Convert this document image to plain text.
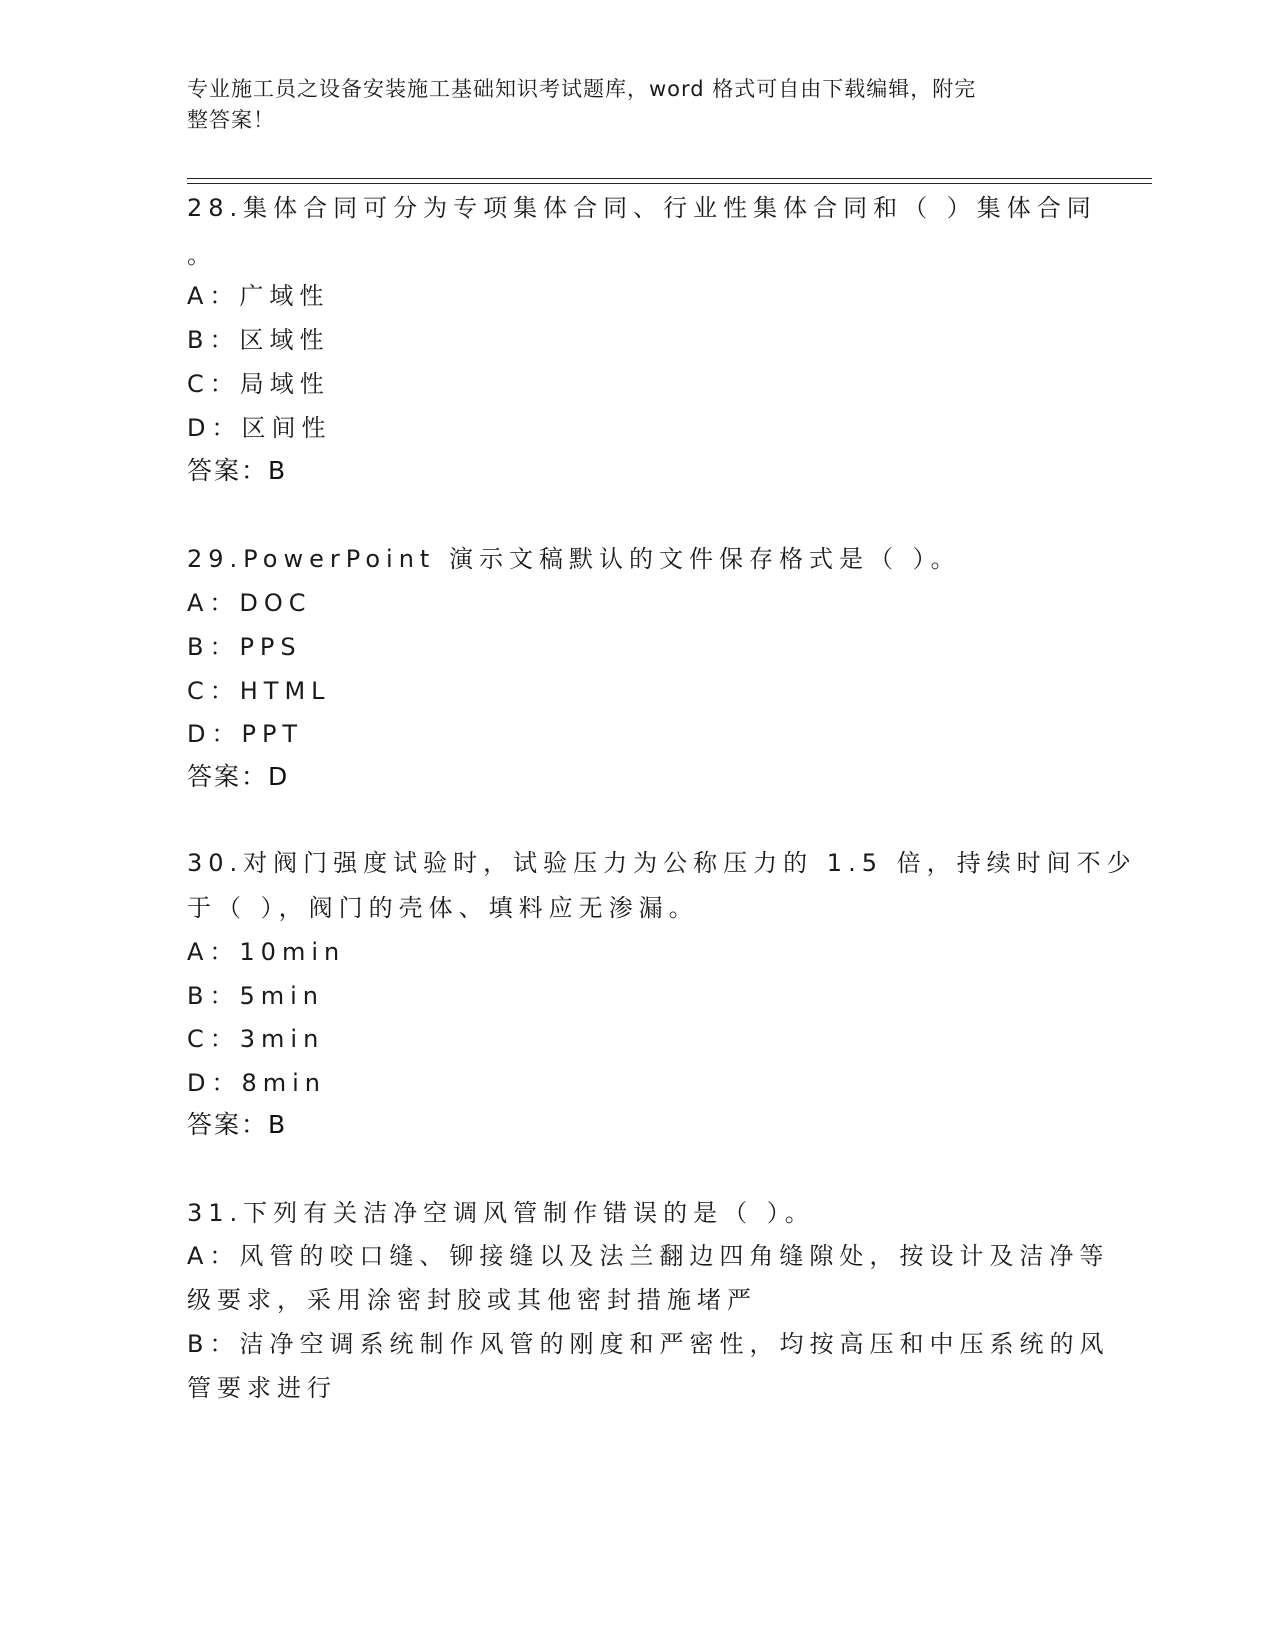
专业施工员之设备安装施工基础知识考试题库，word 格式可自由下载编辑，附完
整答案！
28.集体合同可分为专项集体合同、行业性集体合同和（ ）集体合同
。
A：广域性
B：区域性
C：局域性
D：区间性
答案：B
29.PowerPoint 演示文稿默认的文件保存格式是（ ）。
A：DOC
B：PPS
C：HTML
D：PPT
答案：D
30.对阀门强度试验时，试验压力为公称压力的 1.5 倍，持续时间不少
于（ ），阀门的壳体、填料应无渗漏。
A：10min
B：5min
C：3min
D：8min
答案：B
31.下列有关洁净空调风管制作错误的是（ ）。
A：风管的咬口缝、铆接缝以及法兰翻边四角缝隙处，按设计及洁净等
级要求，采用涂密封胶或其他密封措施堵严
B：洁净空调系统制作风管的刚度和严密性，均按高压和中压系统的风
管要求进行
